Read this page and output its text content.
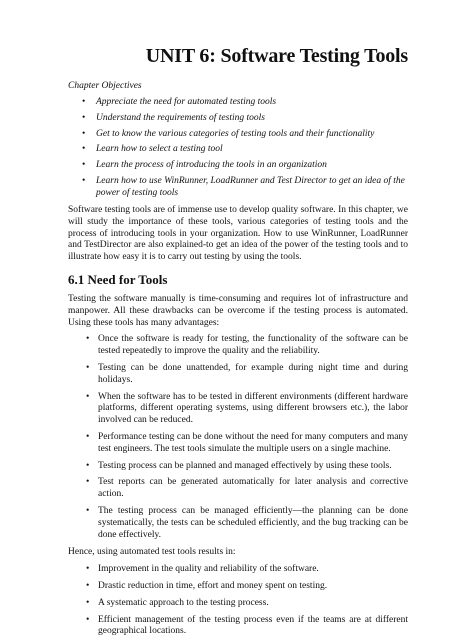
UNIT 6: Software Testing Tools
Chapter Objectives
• Appreciate the need for automated testing tools
• Understand the requirements of testing tools
• Get to know the various categories of testing tools and their functionality
• Learn how to select a testing tool
• Learn the process of introducing the tools in an organization
• Learn how to use WinRunner, LoadRunner and Test Director to get an idea of the power of testing tools

Software testing tools are of immense use to develop quality software. In this chapter, we will study the importance of these tools, various categories of testing tools and the process of introducing tools in your organization. How to use WinRunner, LoadRunner and TestDirector are also explained-to get an idea of the power of the testing tools and to illustrate how easy it is to carry out testing by using the tools.

6.1 Need for Tools

Testing the software manually is time-consuming and requires lot of infrastructure and manpower. All these drawbacks can be overcome if the testing process is automated. Using these tools has many advantages:

• Once the software is ready for testing, the functionality of the software can be tested repeatedly to improve the quality and the reliability.
• Testing can be done unattended, for example during night time and during holidays.
• When the software has to be tested in different environments (different hardware platforms, different operating systems, using different browsers etc.), the labor involved can be reduced.
• Performance testing can be done without the need for many computers and many test engineers. The test tools simulate the multiple users on a single machine.
• Testing process can be planned and managed effectively by using these tools.
• Test reports can be generated automatically for later analysis and corrective action.
• The testing process can be managed efficiently—the planning can be done systematically, the tests can be scheduled efficiently, and the bug tracking can be done effectively.

Hence, using automated test tools results in:

• Improvement in the quality and reliability of the software.
• Drastic reduction in time, effort and money spent on testing.
• A systematic approach to the testing process.
• Efficient management of the testing process even if the teams are at different geographical locations.
